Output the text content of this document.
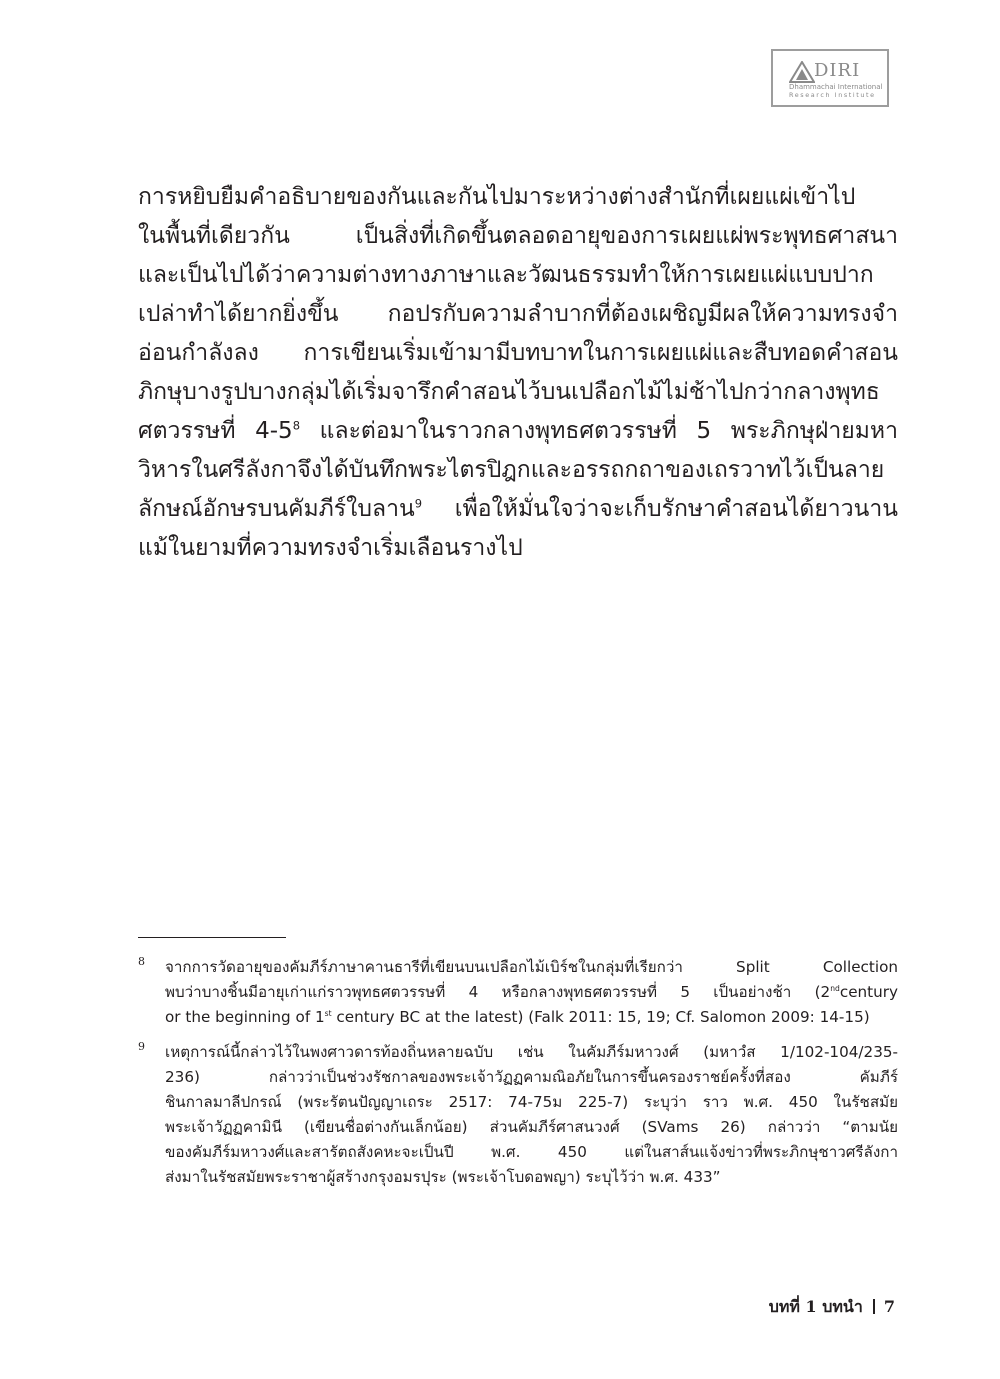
DIRI
Dhammachai International
Research Institute
การหยิบยืมคำอธิบายของกันและกันไปมาระหว่างต่างสำนักที่เผยแผ่เข้าไป
ในพื้นที่เดียวกัน เป็นสิ่งที่เกิดขึ้นตลอดอายุของการเผยแผ่พระพุทธศาสนา
และเป็นไปได้ว่าความต่างทางภาษาและวัฒนธรรมทำให้การเผยแผ่แบบปาก
เปล่าทำได้ยากยิ่งขึ้น กอปรกับความลำบากที่ต้องเผชิญมีผลให้ความทรงจำ
อ่อนกำลังลง การเขียนเริ่มเข้ามามีบทบาทในการเผยแผ่และสืบทอดคำสอน
ภิกษุบางรูปบางกลุ่มได้เริ่มจารึกคำสอนไว้บนเปลือกไม้ไม่ช้าไปกว่ากลางพุทธ
ศตวรรษที่ $4-5^8$ และต่อมาในราวกลางพุทธศตวรรษที่ 5 พระภิกษุฝ่ายมหา
วิหารในศรีลังกาจึงได้บันทึกพระไตรปิฎกและอรรถกถาของเถรวาทไว้เป็นลาย
ลักษณ์อักษรบนคัมภีร์ใบลาน$^9$ เพื่อให้มั่นใจว่าจะเก็บรักษาคำสอนได้ยาวนาน
แม้ในยามที่ความทรงจำเริ่มเลือนรางไป
8 จากการวัดอายุของคัมภีร์ภาษาคานธารีที่เขียนบนเปลือกไม้เบิร์ชในกลุ่มที่เรียกว่า Split Collection
พบว่าบางชิ้นมีอายุเก่าแก่ราวพุทธศตวรรษที่ 4 หรือกลางพุทธศตวรรษที่ 5 เป็นอย่างช้า (2ndcentury
or the beginning of 1st century BC at the latest) (Falk 2011: 15, 19; Cf. Salomon 2009: 14-15)
9 เหตุการณ์นี้กล่าวไว้ในพงศาวดารท้องถิ่นหลายฉบับ เช่น ในคัมภีร์มหาวงศ์ (มหาวํส 1/102-104/235-
236) กล่าวว่าเป็นช่วงรัชกาลของพระเจ้าวัฏฏคามณิอภัยในการขึ้นครองราชย์ครั้งที่สอง คัมภีร์
ชินกาลมาลีปกรณ์ (พระรัตนปัญญาเถระ 2517: 74-75ม 225-7) ระบุว่า ราว พ.ศ. 450 ในรัชสมัย
พระเจ้าวัฏฏคามินี (เขียนชื่อต่างกันเล็กน้อย) ส่วนคัมภีร์ศาสนวงศ์ (SVams 26) กล่าวว่า “ตามนัย
ของคัมภีร์มหาวงศ์และสารัตถสังคหะจะเป็นปี พ.ศ. 450 แต่ในสาส์นแจ้งข่าวที่พระภิกษุชาวศรีลังกา
ส่งมาในรัชสมัยพระราชาผู้สร้างกรุงอมรปุระ (พระเจ้าโบดอพญา) ระบุไว้ว่า พ.ศ. 433”
บทที่ 1 บทนำ 7
